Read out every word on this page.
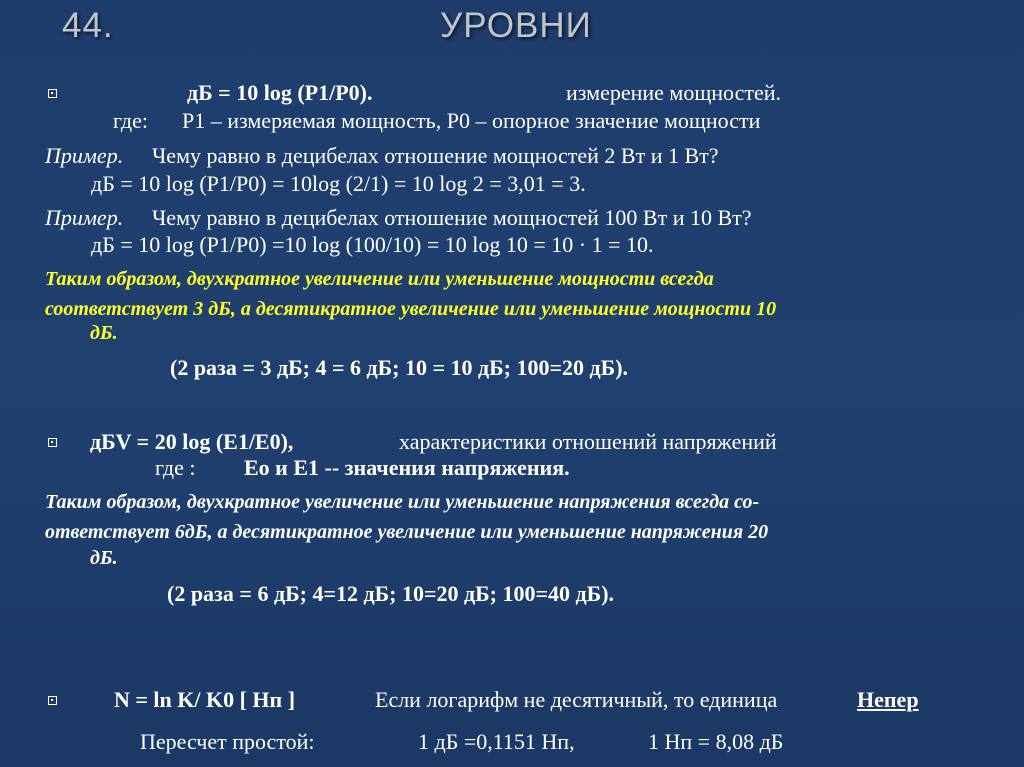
44.	УРОВНИ
дБ = 10 log (P1/P0).	измерение мощностей.
где: P1 – измеряемая мощность, P0 – опорное значение мощности
Пример. Чему равно в децибелах отношение мощностей 2 Вт и 1 Вт?
дБ = 10 log (P1/P0) = 10log (2/1) = 10 log 2 = 3,01 = 3.
Пример. Чему равно в децибелах отношение мощностей 100 Вт и 10 Вт?
дБ = 10 log (P1/P0) =10 log (100/10) = 10 log 10 = 10 · 1 = 10.
Таким образом, двухкратное увеличение или уменьшение мощности всегда
соответствует 3 дБ, а десятикратное увеличение или уменьшение мощности 10
дБ.
(2 раза = 3 дБ; 4 = 6 дБ; 10 = 10 дБ; 100=20 дБ).
дБV = 20 log (E1/E0),	характеристики отношений напряжений
где : Eo и E1 -- значения напряжения.
Таким образом, двухкратное увеличение или уменьшение напряжения всегда со-
ответствует 6дБ, а десятикратное увеличение или уменьшение напряжения 20
дБ.
(2 раза = 6 дБ; 4=12 дБ; 10=20 дБ; 100=40 дБ).
N = ln K/ K0 [ Нп ]	Если логарифм не десятичный, то единица	Непер
Пересчет простой:	1 дБ =0,1151 Нп,	1 Нп = 8,08 дБ
